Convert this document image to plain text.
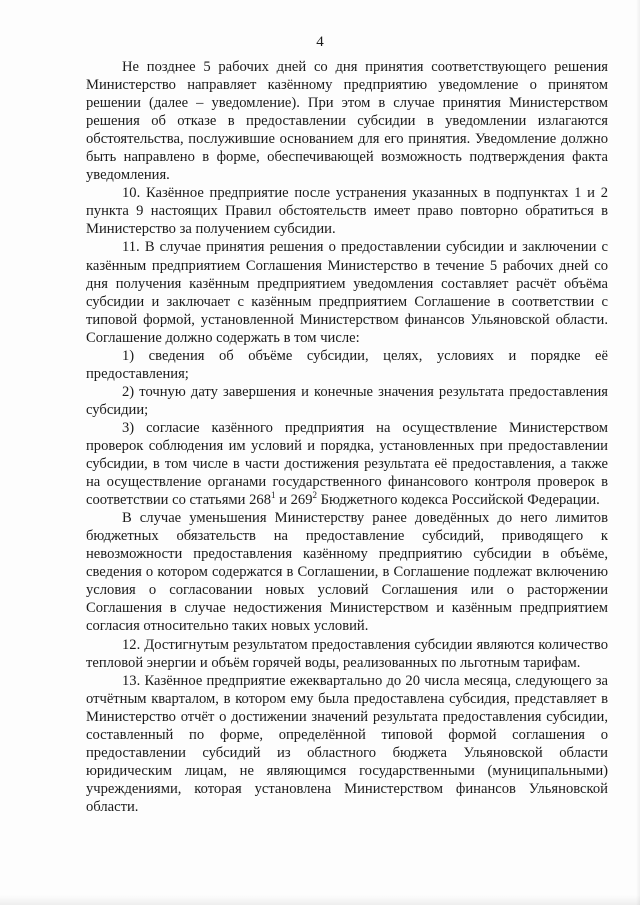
4

Не позднее 5 рабочих дней со дня принятия соответствующего решения Министерство направляет казённому предприятию уведомление о принятом решении (далее – уведомление). При этом в случае принятия Министерством решения об отказе в предоставлении субсидии в уведомлении излагаются обстоятельства, послужившие основанием для его принятия. Уведомление должно быть направлено в форме, обеспечивающей возможность подтверждения факта уведомления.

10. Казённое предприятие после устранения указанных в подпунктах 1 и 2 пункта 9 настоящих Правил обстоятельств имеет право повторно обратиться в Министерство за получением субсидии.

11. В случае принятия решения о предоставлении субсидии и заключении с казённым предприятием Соглашения Министерство в течение 5 рабочих дней со дня получения казённым предприятием уведомления составляет расчёт объёма субсидии и заключает с казённым предприятием Соглашение в соответствии с типовой формой, установленной Министерством финансов Ульяновской области. Соглашение должно содержать в том числе:

1) сведения об объёме субсидии, целях, условиях и порядке её предоставления;

2) точную дату завершения и конечные значения результата предоставления субсидии;

3) согласие казённого предприятия на осуществление Министерством проверок соблюдения им условий и порядка, установленных при предоставлении субсидии, в том числе в части достижения результата её предоставления, а также на осуществление органами государственного финансового контроля проверок в соответствии со статьями $268^1$ и $269^2$ Бюджетного кодекса Российской Федерации.

В случае уменьшения Министерству ранее доведённых до него лимитов бюджетных обязательств на предоставление субсидий, приводящего к невозможности предоставления казённому предприятию субсидии в объёме, сведения о котором содержатся в Соглашении, в Соглашение подлежат включению условия о согласовании новых условий Соглашения или о расторжении Соглашения в случае недостижения Министерством и казённым предприятием согласия относительно таких новых условий.

12. Достигнутым результатом предоставления субсидии являются количество тепловой энергии и объём горячей воды, реализованных по льготным тарифам.

13. Казённое предприятие ежеквартально до 20 числа месяца, следующего за отчётным кварталом, в котором ему была предоставлена субсидия, представляет в Министерство отчёт о достижении значений результата предоставления субсидии, составленный по форме, определённой типовой формой соглашения о предоставлении субсидий из областного бюджета Ульяновской области юридическим лицам, не являющимся государственными (муниципальными) учреждениями, которая установлена Министерством финансов Ульяновской области.
